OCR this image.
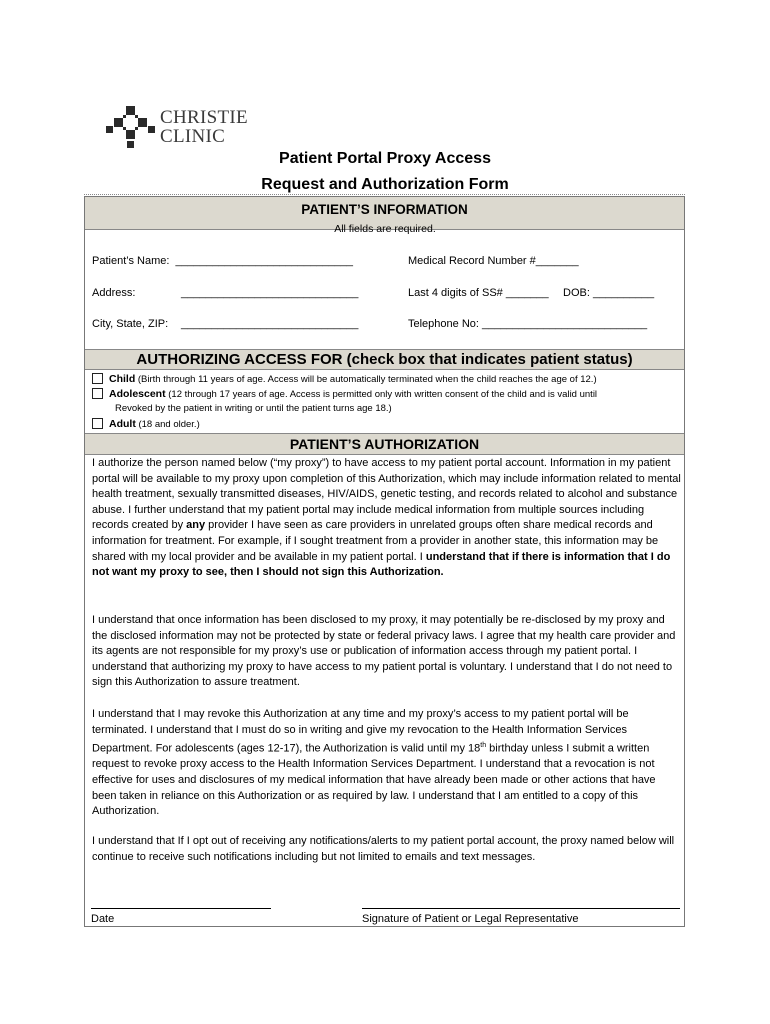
CHRISTIE
CLINIC
Patient Portal Proxy Access
Request and Authorization Form
PATIENT’S INFORMATION
Patient’s Name:  _____________________________	Medical Record Number #_______
Address:	_____________________________	Last 4 digits of SS# _______ DOB: __________
City, State, ZIP: _____________________________	Telephone No: ___________________________
AUTHORIZING ACCESS FOR (check box that indicates patient status)
Child (Birth through 11 years of age. Access will be automatically terminated when the child reaches the age of 12.)
Adolescent (12 through 17 years of age. Access is permitted only with written consent of the child and is valid until
Revoked by the patient in writing or until the patient turns age 18.)
Adult (18 and older.)
PATIENT’S AUTHORIZATION

I authorize the person named below (“my proxy”) to have access to my patient portal account. Information in my patient portal will be available to my proxy upon completion of this Authorization, which may include information related to mental health treatment, sexually transmitted diseases, HIV/AIDS, genetic testing, and records related to alcohol and substance abuse. I further understand that my patient portal may include medical information from multiple sources including records created by any provider I have seen as care providers in unrelated groups often share medical records and information for treatment. For example, if I sought treatment from a provider in another state, this information may be shared with my local provider and be available in my patient portal. I understand that if there is information that I do not want my proxy to see, then I should not sign this Authorization.

I understand that once information has been disclosed to my proxy, it may potentially be re-disclosed by my proxy and the disclosed information may not be protected by state or federal privacy laws. I agree that my health care provider and its agents are not responsible for my proxy’s use or publication of information access through my patient portal. I understand that authorizing my proxy to have access to my patient portal is voluntary. I understand that I do not need to sign this Authorization to assure treatment.

I understand that I may revoke this Authorization at any time and my proxy’s access to my patient portal will be terminated. I understand that I must do so in writing and give my revocation to the Health Information Services Department. For adolescents (ages 12-17), the Authorization is valid until my 18th birthday unless I submit a written request to revoke proxy access to the Health Information Services Department. I understand that a revocation is not effective for uses and disclosures of my medical information that have already been made or other actions that have been taken in reliance on this Authorization or as required by law. I understand that I am entitled to a copy of this Authorization.

I understand that If I opt out of receiving any notifications/alerts to my patient portal account, the proxy named below will continue to receive such notifications including but not limited to emails and text messages.
Date	Signature of Patient or Legal Representative
All fields are required.
